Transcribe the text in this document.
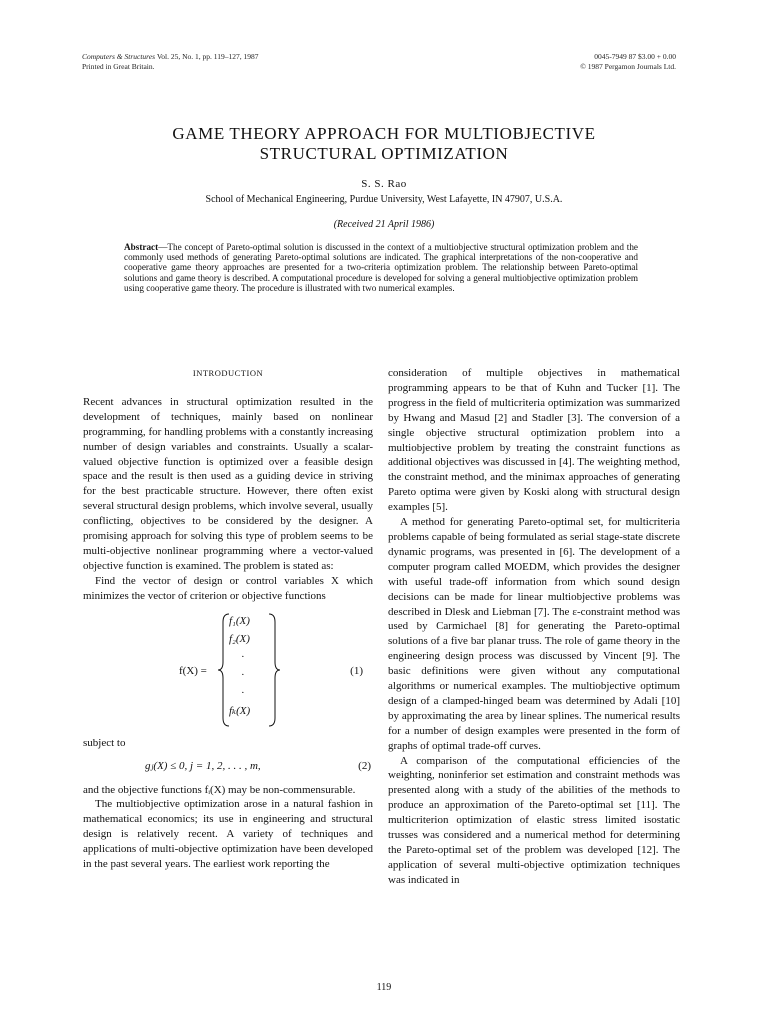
Computers & Structures Vol. 25, No. 1, pp. 119–127, 1987
Printed in Great Britain.
0045-7949 87 $3.00 + 0.00
© 1987 Pergamon Journals Ltd.
GAME THEORY APPROACH FOR MULTIOBJECTIVE
STRUCTURAL OPTIMIZATION
S. S. Rao
School of Mechanical Engineering, Purdue University, West Lafayette, IN 47907, U.S.A.
(Received 21 April 1986)
Abstract—The concept of Pareto-optimal solution is discussed in the context of a multiobjective structural optimization problem and the commonly used methods of generating Pareto-optimal solutions are indicated. The graphical interpretations of the non-cooperative and cooperative game theory approaches are presented for a two-criteria optimization problem. The relationship between Pareto-optimal solutions and game theory is described. A computational procedure is developed for solving a general multiobjective optimization problem using cooperative game theory. The procedure is illustrated with two numerical examples.
INTRODUCTION

Recent advances in structural optimization resulted in the development of techniques, mainly based on nonlinear programming, for handling problems with a constantly increasing number of design variables and constraints. Usually a scalar-valued objective function is optimized over a feasible design space and the result is then used as a guiding device in striving for the best practicable structure. However, there often exist several structural design problems, which involve several, usually conflicting, objectives to be considered by the designer. A promising approach for solving this type of problem seems to be multi-objective nonlinear programming where a vector-valued objective function is examined. The problem is stated as:

Find the vector of design or control variables X which minimizes the vector of criterion or objective functions

f(X) =
f₁(X)
f₂(X)
·
·
·
fₖ(X)
(1)

subject to

gⱼ(X) ≤ 0, j = 1, 2, . . . , m,	(2)

and the objective functions fᵢ(X) may be non-commensurable.

The multiobjective optimization arose in a natural fashion in mathematical economics; its use in engineering and structural design is relatively recent. A variety of techniques and applications of multi-objective optimization have been developed in the past several years. The earliest work reporting the

consideration of multiple objectives in mathematical programming appears to be that of Kuhn and Tucker [1]. The progress in the field of multicriteria optimization was summarized by Hwang and Masud [2] and Stadler [3]. The conversion of a single objective structural optimization problem into a multiobjective problem by treating the constraint functions as additional objectives was discussed in [4]. The weighting method, the constraint method, and the minimax approaches of generating Pareto optima were given by Koski along with structural design examples [5].

A method for generating Pareto-optimal set, for multicriteria problems capable of being formulated as serial stage-state discrete dynamic programs, was presented in [6]. The development of a computer program called MOEDM, which provides the designer with useful trade-off information from which sound design decisions can be made for linear multiobjective problems was described in Dlesk and Liebman [7]. The ε-constraint method was used by Carmichael [8] for generating the Pareto-optimal solutions of a five bar planar truss. The role of game theory in the engineering design process was discussed by Vincent [9]. The basic definitions were given without any computational algorithms or numerical examples. The multiobjective optimum design of a clamped-hinged beam was determined by Adali [10] by approximating the area by linear splines. The numerical results for a number of design examples were presented in the form of graphs of optimal trade-off curves.

A comparison of the computational efficiencies of the weighting, noninferior set estimation and constraint methods was presented along with a study of the abilities of the methods to produce an approximation of the Pareto-optimal set [11]. The multicriterion optimization of elastic stress limited isostatic trusses was considered and a numerical method for determining the Pareto-optimal set of the problem was developed [12]. The application of several multi-objective optimization techniques was indicated in

119
